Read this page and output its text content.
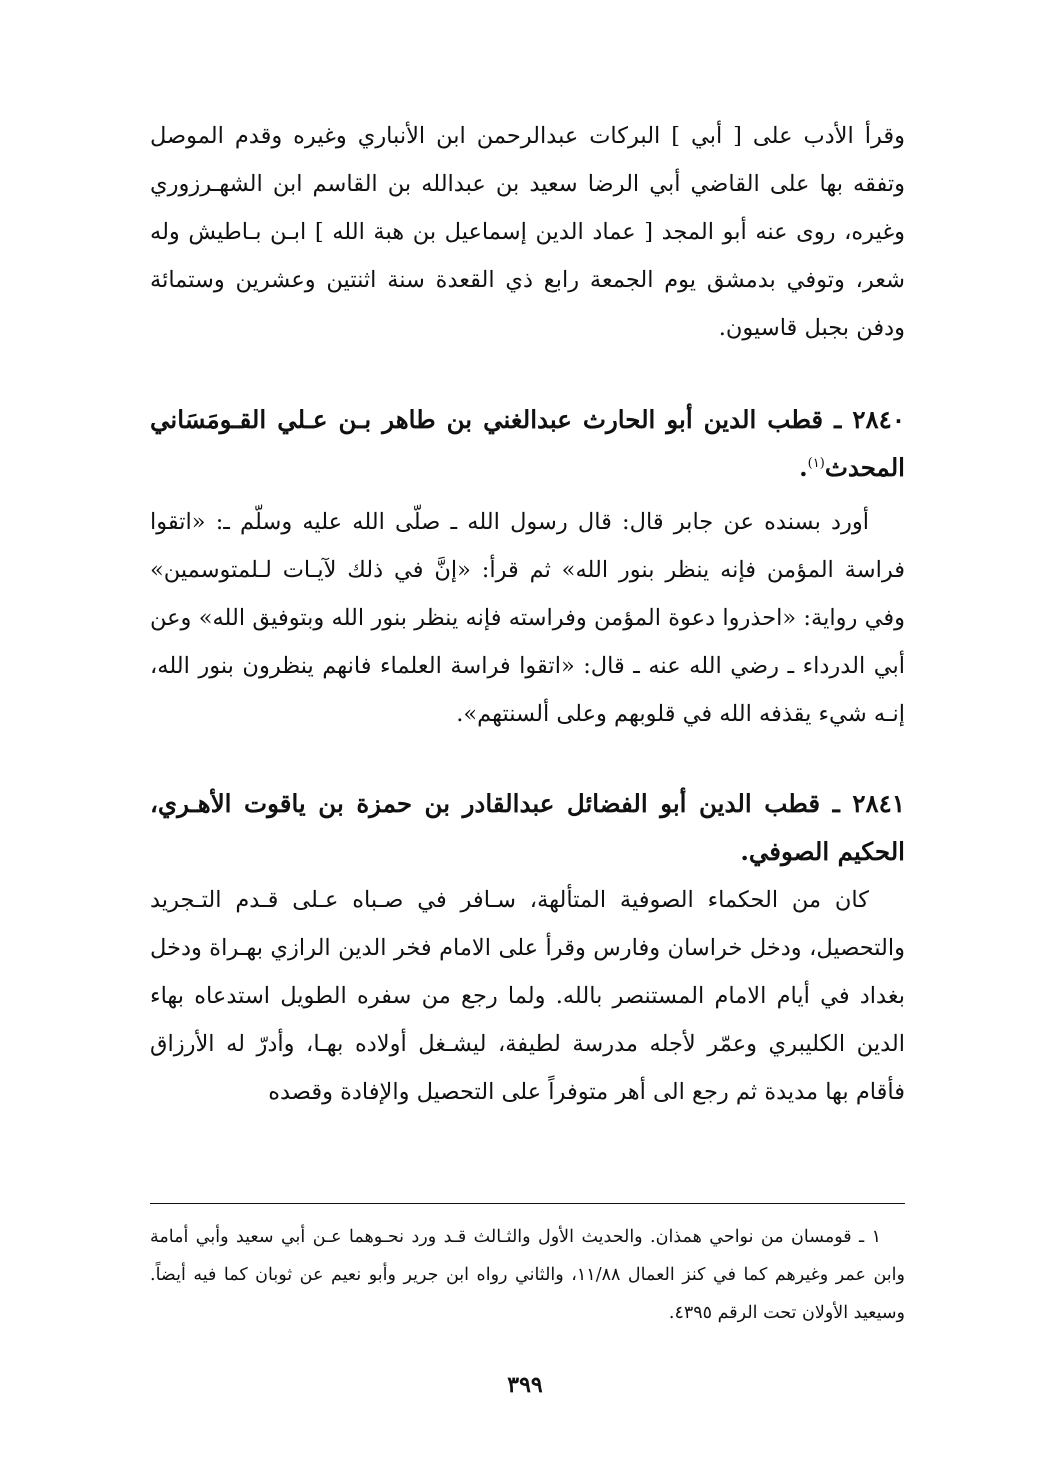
وقرأ الأدب على [ أبي ] البركات عبدالرحمن ابن الأنباري وغيره وقدم الموصل وتفقه بها على القاضي أبي الرضا سعيد بن عبدالله بن القاسم ابن الشهـرزوري وغيره، روى عنه أبو المجد [ عماد الدين إسماعيل بن هبة الله ] ابـن بـاطيش وله شعر، وتوفي بدمشق يوم الجمعة رابع ذي القعدة سنة اثنتين وعشرين وستمائة ودفن بجبل قاسيون.

٢٨٤٠ ـ قطب الدين أبو الحارث عبدالغني بن طاهر بـن عـلي القـومَسَاني المحدث$^{(١)}$.

أورد بسنده عن جابر قال: قال رسول الله ـ صلّى الله عليه وسلّم ـ: «اتقوا فراسة المؤمن فإنه ينظر بنور الله» ثم قرأ: «إنَّ في ذلك لآيـات لـلمتوسمين» وفي رواية: «احذروا دعوة المؤمن وفراسته فإنه ينظر بنور الله وبتوفيق الله» وعن أبي الدرداء ـ رضي الله عنه ـ قال: «اتقوا فراسة العلماء فانهم ينظرون بنور الله، إنـه شيء يقذفه الله في قلوبهم وعلى ألسنتهم».

٢٨٤١ ـ قطب الدين أبو الفضائل عبدالقادر بن حمزة بن ياقوت الأهـري، الحكيم الصوفي.

كان من الحكماء الصوفية المتألهة، سـافر في صـباه عـلى قـدم التـجريد والتحصيل، ودخل خراسان وفارس وقرأ على الامام فخر الدين الرازي بهـراة ودخل بغداد في أيام الامام المستنصر بالله. ولما رجع من سفره الطويل استدعاه بهاء الدين الكليبري وعمّر لأجله مدرسة لطيفة، ليشـغل أولاده بهـا، وأدرّ له الأرزاق فأقام بها مديدة ثم رجع الى أهر متوفراً على التحصيل والإفادة وقصده

١ ـ قومسان من نواحي همذان. والحديث الأول والثـالث قـد ورد نحـوهما عـن أبي سعيد وأبي أمامة وابن عمر وغيرهم كما في كنز العمال ١١/٨٨، والثاني رواه ابن جرير وأبو نعيم عن ثوبان كما فيه أيضاً. وسيعيد الأولان تحت الرقم ٤٣٩٥.

٣٩٩
